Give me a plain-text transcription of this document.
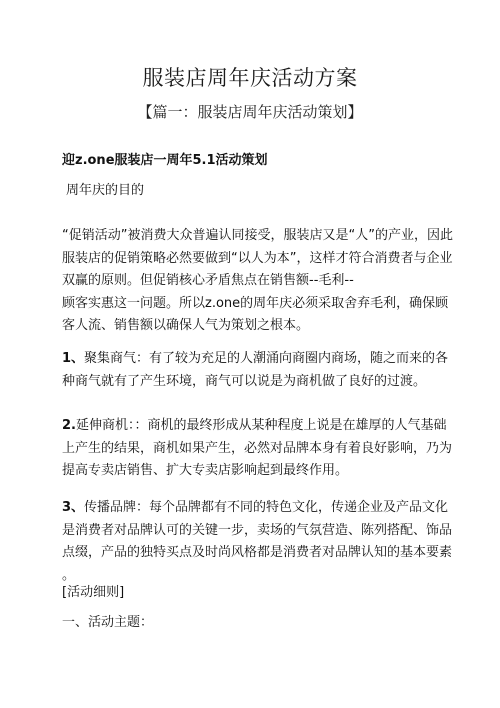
服装店周年庆活动方案
【篇一：服装店周年庆活动策划】
迎z.one服装店一周年5.1活动策划
周年庆的目的

“促销活动”被消费大众普遍认同接受，服装店又是“人”的产业，因此

服装店的促销策略必然要做到“以人为本”，这样才符合消费者与企业

双赢的原则。但促销核心矛盾焦点在销售额--毛利--

顾客实惠这一问题。所以z.one的周年庆必须采取舍弃毛利，确保顾

客人流、销售额以确保人气为策划之根本。

1、聚集商气：有了较为充足的人潮涌向商圈内商场，随之而来的各

种商气就有了产生环境，商气可以说是为商机做了良好的过渡。

2.延伸商机：：商机的最终形成从某种程度上说是在雄厚的人气基础

上产生的结果，商机如果产生，必然对品牌本身有着良好影响，乃为

提高专卖店销售、扩大专卖店影响起到最终作用。

3、传播品牌：每个品牌都有不同的特色文化，传递企业及产品文化

是消费者对品牌认可的关键一步，卖场的气氛营造、陈列搭配、饰品

点缀，产品的独特买点及时尚风格都是消费者对品牌认知的基本要素

。

[活动细则]
一、活动主题：
